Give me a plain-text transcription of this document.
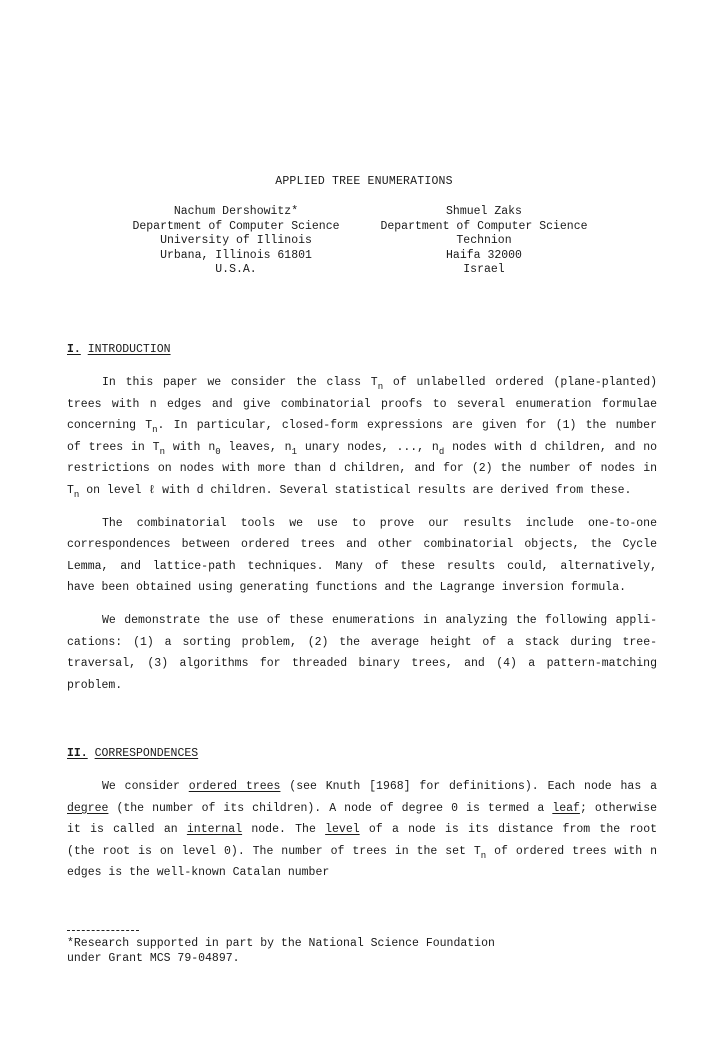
APPLIED TREE ENUMERATIONS
Nachum Dershowitz*
Department of Computer Science
University of Illinois
Urbana, Illinois 61801
U.S.A.
Shmuel Zaks
Department of Computer Science
Technion
Haifa 32000
Israel
I. INTRODUCTION
In this paper we consider the class $T_n$ of unlabelled ordered (plane-planted)
trees with n edges and give combinatorial proofs to several enumeration formulae
concerning $T_n$. In particular, closed-form expressions are given for (1) the number
of trees in $T_n$ with $n_0$ leaves, $n_1$ unary nodes, ..., $n_d$ nodes with d children, and no
restrictions on nodes with more than d children, and for (2) the number of nodes in
$T_n$ on level ℓ with d children. Several statistical results are derived from these.
The combinatorial tools we use to prove our results include one-to-one
correspondences between ordered trees and other combinatorial objects, the Cycle
Lemma, and lattice-path techniques. Many of these results could, alternatively,
have been obtained using generating functions and the Lagrange inversion formula.
We demonstrate the use of these enumerations in analyzing the following appli-
cations: (1) a sorting problem, (2) the average height of a stack during tree-
traversal, (3) algorithms for threaded binary trees, and (4) a pattern-matching
problem.
II. CORRESPONDENCES
We consider ordered trees (see Knuth [1968] for definitions). Each node has a
degree (the number of its children). A node of degree 0 is termed a leaf; otherwise
it is called an internal node. The level of a node is its distance from the root
(the root is on level 0). The number of trees in the set $T_n$ of ordered trees with n
edges is the well-known Catalan number
*Research supported in part by the National Science Foundation
under Grant MCS 79-04897.
